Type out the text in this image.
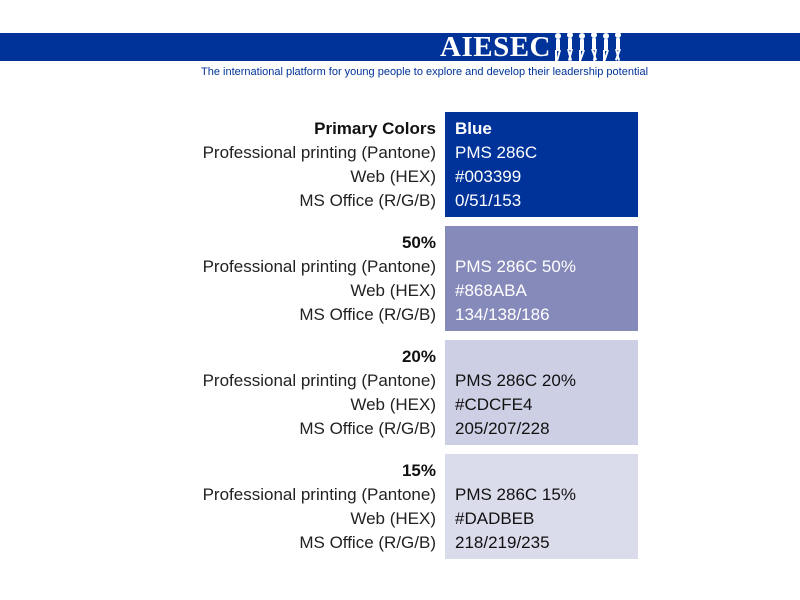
AIESEC
The international platform for young people to explore and develop their leadership potential
Primary Colors
Professional printing (Pantone)
Web (HEX)
MS Office (R/G/B)
Blue
PMS 286C
#003399
0/51/153
50%
Professional printing (Pantone)
Web (HEX)
MS Office (R/G/B)
PMS 286C 50%
#868ABA
134/138/186
20%
Professional printing (Pantone)
Web (HEX)
MS Office (R/G/B)
PMS 286C 20%
#CDCFE4
205/207/228
15%
Professional printing (Pantone)
Web (HEX)
MS Office (R/G/B)
PMS 286C 15%
#DADBEB
218/219/235
